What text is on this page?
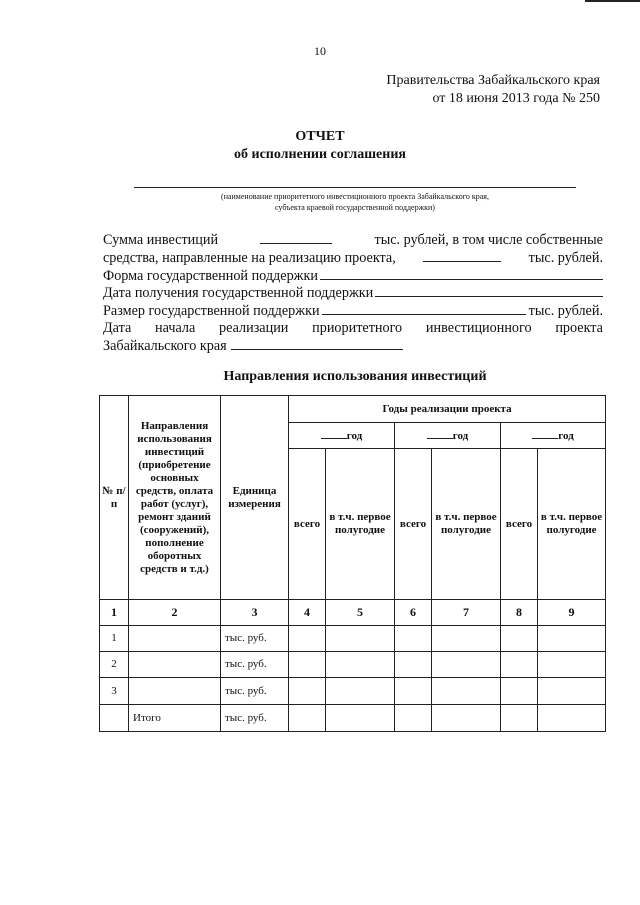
10
Правительства Забайкальского края
от 18 июня 2013 года № 250
ОТЧЕТ
об исполнении соглашения
(наименование приоритетного инвестиционного проекта Забайкальского края,
субъекта краевой государственной поддержки)
Сумма инвестиций	тыс. рублей, в том числе собственные
средства, направленные на реализацию проекта,	тыс. рублей.
Форма государственной поддержки
Дата получения государственной поддержки
Размер государственной поддержки	тыс. рублей.
Дата начала реализации приоритетного инвестиционного проекта
Забайкальского края
Направления использования инвестиций
№ п/п	Направления использования инвестиций (приобретение основных средств, оплата работ (услуг), ремонт зданий (сооружений), пополнение оборотных средств и т.д.)	Единица измерения	Годы реализации проекта					
			год		год		год	
			всего	в т.ч. первое полугодие	всего	в т.ч. первое полугодие	всего	в т.ч. первое полугодие
1	2	3	4	5	6	7	8	9
1		тыс. руб.						
2		тыс. руб.						
3		тыс. руб.						
	Итого	тыс. руб.						
